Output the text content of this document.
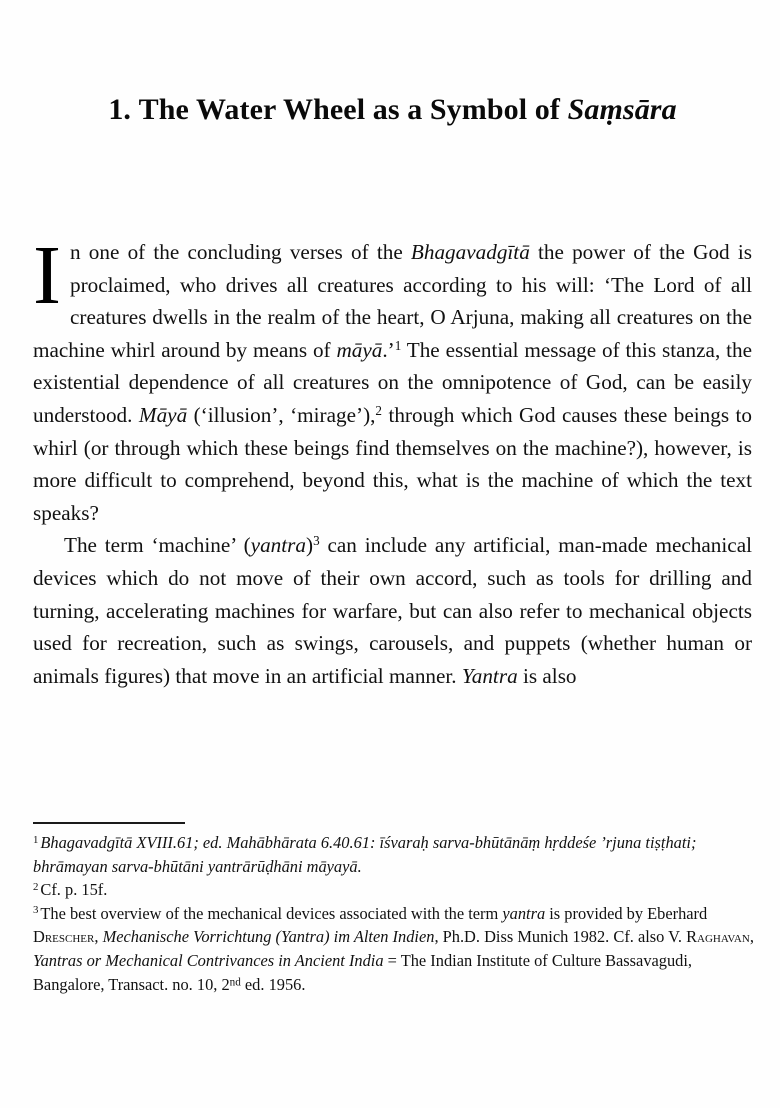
1. The Water Wheel as a Symbol of Saṃsāra

In one of the concluding verses of the Bhagavadgītā the power of the God is proclaimed, who drives all creatures according to his will: ‘The Lord of all creatures dwells in the realm of the heart, O Arjuna, making all creatures on the machine whirl around by means of māyā.’$^1$ The essential message of this stanza, the existential dependence of all creatures on the omnipotence of God, can be easily understood. Māyā (‘illusion’, ‘mirage’),$^2$ through which God causes these beings to whirl (or through which these beings find themselves on the machine?), however, is more difficult to comprehend, beyond this, what is the machine of which the text speaks?

The term ‘machine’ (yantra)$^3$ can include any artificial, man-made mechanical devices which do not move of their own accord, such as tools for drilling and turning, accelerating machines for warfare, but can also refer to mechanical objects used for recreation, such as swings, carousels, and puppets (whether human or animals figures) that move in an artificial manner. Yantra is also

$^1$ Bhagavadgītā XVIII.61; ed. Mahābhārata 6.40.61: īśvaraḥ sarva-bhūtānāṃ hṛddeśe ’rjuna tiṣṭhati; bhrāmayan sarva-bhūtāni yantrārūḍhāni māyayā.

$^2$ Cf. p. 15f.

$^3$ The best overview of the mechanical devices associated with the term yantra is provided by Eberhard Drescher, Mechanische Vorrichtung (Yantra) im Alten Indien, Ph.D. Diss Munich 1982. Cf. also V. Raghavan, Yantras or Mechanical Contrivances in Ancient India = The Indian Institute of Culture Bassavagudi, Bangalore, Transact. no. 10, 2nd ed. 1956.
